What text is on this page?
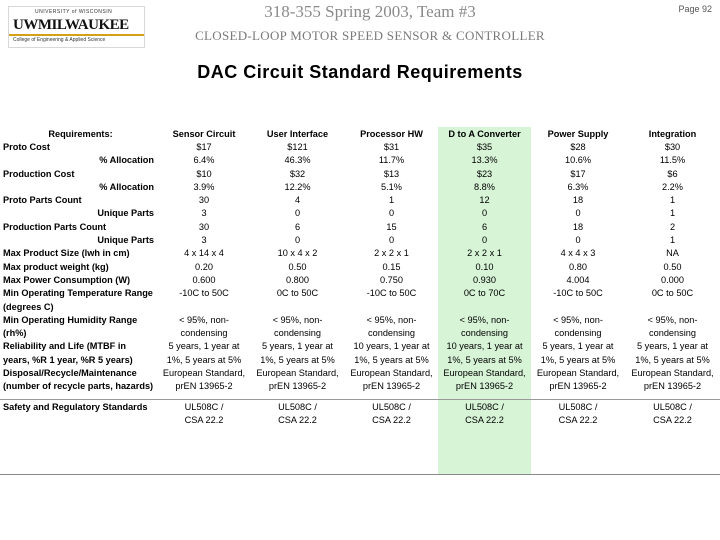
UNIVERSITY of WISCONSIN
UWMILWAUKEE
College of Engineering & Applied Science
318-355 Spring 2003, Team #3
CLOSED-LOOP MOTOR SPEED SENSOR & CONTROLLER
Page 92
DAC Circuit Standard Requirements
Requirements:	Sensor Circuit	User Interface	Processor HW	D to A Converter	Power Supply	Integration
Proto Cost	$17	$121	$31	$35	$28	$30
% Allocation	6.4%	46.3%	11.7%	13.3%	10.6%	11.5%
Production Cost	$10	$32	$13	$23	$17	$6
% Allocation	3.9%	12.2%	5.1%	8.8%	6.3%	2.2%
Proto Parts Count	30	4	1	12	18	1
Unique Parts	3	0	0	0	0	1
Production Parts Count	30	6	15	6	18	2
Unique Parts	3	0	0	0	0	1
Max Product Size (lwh in cm)	4 x 14 x 4	10 x 4 x 2	2 x 2 x 1	2 x 2 x 1	4 x 4 x 3	NA
Max product weight (kg)	0.20	0.50	0.15	0.10	0.80	0.50
Max Power Consumption (W)	0.600	0.800	0.750	0.930	4.004	0.000
Min Operating Temperature Range	-10C to 50C	0C to 50C	-10C to 50C	0C to 70C	-10C to 50C	0C to 50C
(degrees C)						
Min Operating Humidity Range	< 95%, non-	< 95%, non-	< 95%, non-	< 95%, non-	< 95%, non-	< 95%, non-
(rh%)	condensing	condensing	condensing	condensing	condensing	condensing
Reliability and Life (MTBF in	5 years, 1 year at	5 years, 1 year at	10 years, 1 year at	10 years, 1 year at	5 years, 1 year at	5 years, 1 year at
years, %R 1 year, %R 5 years)	1%, 5 years at 5%	1%, 5 years at 5%	1%, 5 years at 5%	1%, 5 years at 5%	1%, 5 years at 5%	1%, 5 years at 5%
Disposal/Recycle/Maintenance	European Standard,	European Standard,	European Standard,	European Standard,	European Standard,	European Standard,
(number of recycle parts, hazards)	prEN 13965-2	prEN 13965-2	prEN 13965-2	prEN 13965-2	prEN 13965-2	prEN 13965-2

Safety and Regulatory Standards	UL508C /	UL508C /	UL508C /	UL508C /	UL508C /	UL508C /
	CSA 22.2	CSA 22.2	CSA 22.2	CSA 22.2	CSA 22.2	CSA 22.2
